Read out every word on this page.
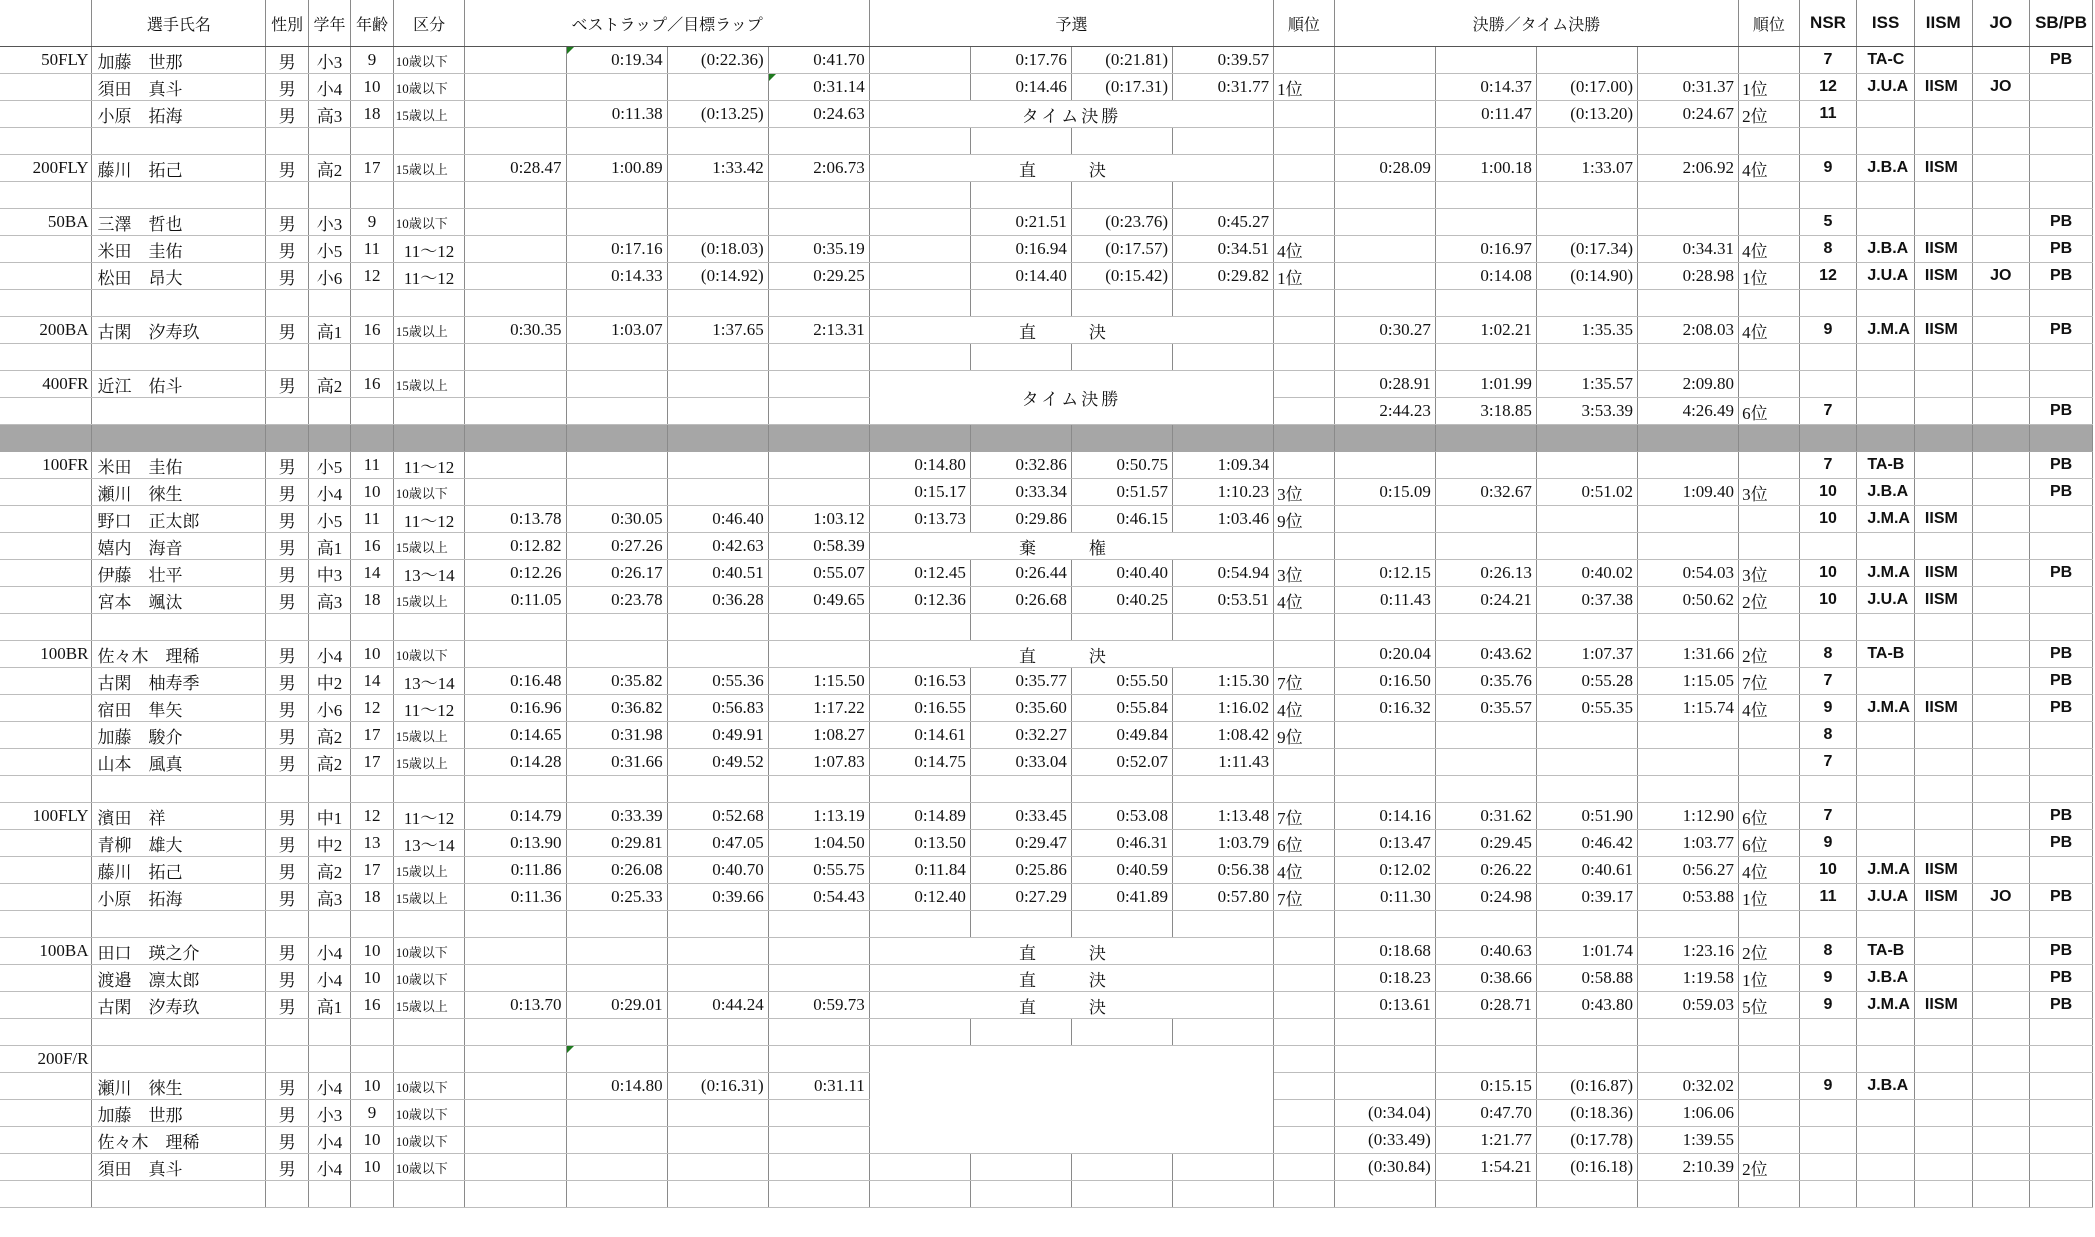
	選手氏名	性別	学年	年齢	区分	ベストラップ／目標ラップ				予選				順位	決勝／タイム決勝				順位	NSR	ISS	IISM	JO	SB/PB
50FLY	加藤　世那	男	小3	9	10歳以下		0:19.34	(0:22.36)	0:41.70		0:17.76	(0:21.81)	0:39.57							7	TA-C			PB
	須田　真斗	男	小4	10	10歳以下				0:31.14		0:14.46	(0:17.31)	0:31.77	1位		0:14.37	(0:17.00)	0:31.37	1位	12	J.U.A	IISM	JO	
	小原　拓海	男	高3	18	15歳以上		0:11.38	(0:13.25)	0:24.63	タイム決勝						0:11.47	(0:13.20)	0:24.67	2位	11				

200FLY	藤川　拓己	男	高2	17	15歳以上	0:28.47	1:00.89	1:33.42	2:06.73	直　決					0:28.09	1:00.18	1:33.07	2:06.92	4位	9	J.B.A	IISM		

50BA	三澤　哲也	男	小3	9	10歳以下						0:21.51	(0:23.76)	0:45.27							5				PB
	米田　圭佑	男	小5	11	11～12		0:17.16	(0:18.03)	0:35.19		0:16.94	(0:17.57)	0:34.51	4位		0:16.97	(0:17.34)	0:34.31	4位	8	J.B.A	IISM		PB
	松田　昂大	男	小6	12	11～12		0:14.33	(0:14.92)	0:29.25		0:14.40	(0:15.42)	0:29.82	1位		0:14.08	(0:14.90)	0:28.98	1位	12	J.U.A	IISM	JO	PB

200BA	古閑　汐寿玖	男	高1	16	15歳以上	0:30.35	1:03.07	1:37.65	2:13.31	直　決					0:30.27	1:02.21	1:35.35	2:08.03	4位	9	J.M.A	IISM		PB

400FR	近江　佑斗	男	高2	16	15歳以上					タイム決勝					0:28.91	1:01.99	1:35.57	2:09.80						
															2:44.23	3:18.85	3:53.39	4:26.49	6位	7				PB

100FR	米田　圭佑	男	小5	11	11～12					0:14.80	0:32.86	0:50.75	1:09.34							7	TA-B			PB
	瀬川　徠生	男	小4	10	10歳以下					0:15.17	0:33.34	0:51.57	1:10.23	3位	0:15.09	0:32.67	0:51.02	1:09.40	3位	10	J.B.A			PB
	野口　正太郎	男	小5	11	11～12	0:13.78	0:30.05	0:46.40	1:03.12	0:13.73	0:29.86	0:46.15	1:03.46	9位						10	J.M.A	IISM		
	嬉内　海音	男	高1	16	15歳以上	0:12.82	0:27.26	0:42.63	0:58.39	棄　権														
	伊藤　壮平	男	中3	14	13～14	0:12.26	0:26.17	0:40.51	0:55.07	0:12.45	0:26.44	0:40.40	0:54.94	3位	0:12.15	0:26.13	0:40.02	0:54.03	3位	10	J.M.A	IISM		PB
	宮本　颯汰	男	高3	18	15歳以上	0:11.05	0:23.78	0:36.28	0:49.65	0:12.36	0:26.68	0:40.25	0:53.51	4位	0:11.43	0:24.21	0:37.38	0:50.62	2位	10	J.U.A	IISM		

100BR	佐々木　理稀	男	小4	10	10歳以下					直　決					0:20.04	0:43.62	1:07.37	1:31.66	2位	8	TA-B			PB
	古閑　柚寿季	男	中2	14	13～14	0:16.48	0:35.82	0:55.36	1:15.50	0:16.53	0:35.77	0:55.50	1:15.30	7位	0:16.50	0:35.76	0:55.28	1:15.05	7位	7				PB
	宿田　隼矢	男	小6	12	11～12	0:16.96	0:36.82	0:56.83	1:17.22	0:16.55	0:35.60	0:55.84	1:16.02	4位	0:16.32	0:35.57	0:55.35	1:15.74	4位	9	J.M.A	IISM		PB
	加藤　駿介	男	高2	17	15歳以上	0:14.65	0:31.98	0:49.91	1:08.27	0:14.61	0:32.27	0:49.84	1:08.42	9位						8				
	山本　風真	男	高2	17	15歳以上	0:14.28	0:31.66	0:49.52	1:07.83	0:14.75	0:33.04	0:52.07	1:11.43							7				

100FLY	濱田　祥	男	中1	12	11～12	0:14.79	0:33.39	0:52.68	1:13.19	0:14.89	0:33.45	0:53.08	1:13.48	7位	0:14.16	0:31.62	0:51.90	1:12.90	6位	7				PB
	青柳　雄大	男	中2	13	13～14	0:13.90	0:29.81	0:47.05	1:04.50	0:13.50	0:29.47	0:46.31	1:03.79	6位	0:13.47	0:29.45	0:46.42	1:03.77	6位	9				PB
	藤川　拓己	男	高2	17	15歳以上	0:11.86	0:26.08	0:40.70	0:55.75	0:11.84	0:25.86	0:40.59	0:56.38	4位	0:12.02	0:26.22	0:40.61	0:56.27	4位	10	J.M.A	IISM		
	小原　拓海	男	高3	18	15歳以上	0:11.36	0:25.33	0:39.66	0:54.43	0:12.40	0:27.29	0:41.89	0:57.80	7位	0:11.30	0:24.98	0:39.17	0:53.88	1位	11	J.U.A	IISM	JO	PB

100BA	田口　瑛之介	男	小4	10	10歳以下					直　決					0:18.68	0:40.63	1:01.74	1:23.16	2位	8	TA-B			PB
	渡邉　凛太郎	男	小4	10	10歳以下					直　決					0:18.23	0:38.66	0:58.88	1:19.58	1位	9	J.B.A			PB
	古閑　汐寿玖	男	高1	16	15歳以上	0:13.70	0:29.01	0:44.24	0:59.73	直　決					0:13.61	0:28.71	0:43.80	0:59.03	5位	9	J.M.A	IISM		PB

200F/R																								
	瀬川　徠生	男	小4	10	10歳以下		0:14.80	(0:16.31)	0:31.11							0:15.15	(0:16.87)	0:32.02		9	J.B.A			
	加藤　世那	男	小3	9	10歳以下										(0:34.04)	0:47.70	(0:18.36)	1:06.06						
	佐々木　理稀	男	小4	10	10歳以下										(0:33.49)	1:21.77	(0:17.78)	1:39.55						
	須田　真斗	男	小4	10	10歳以下										(0:30.84)	1:54.21	(0:16.18)	2:10.39	2位					
